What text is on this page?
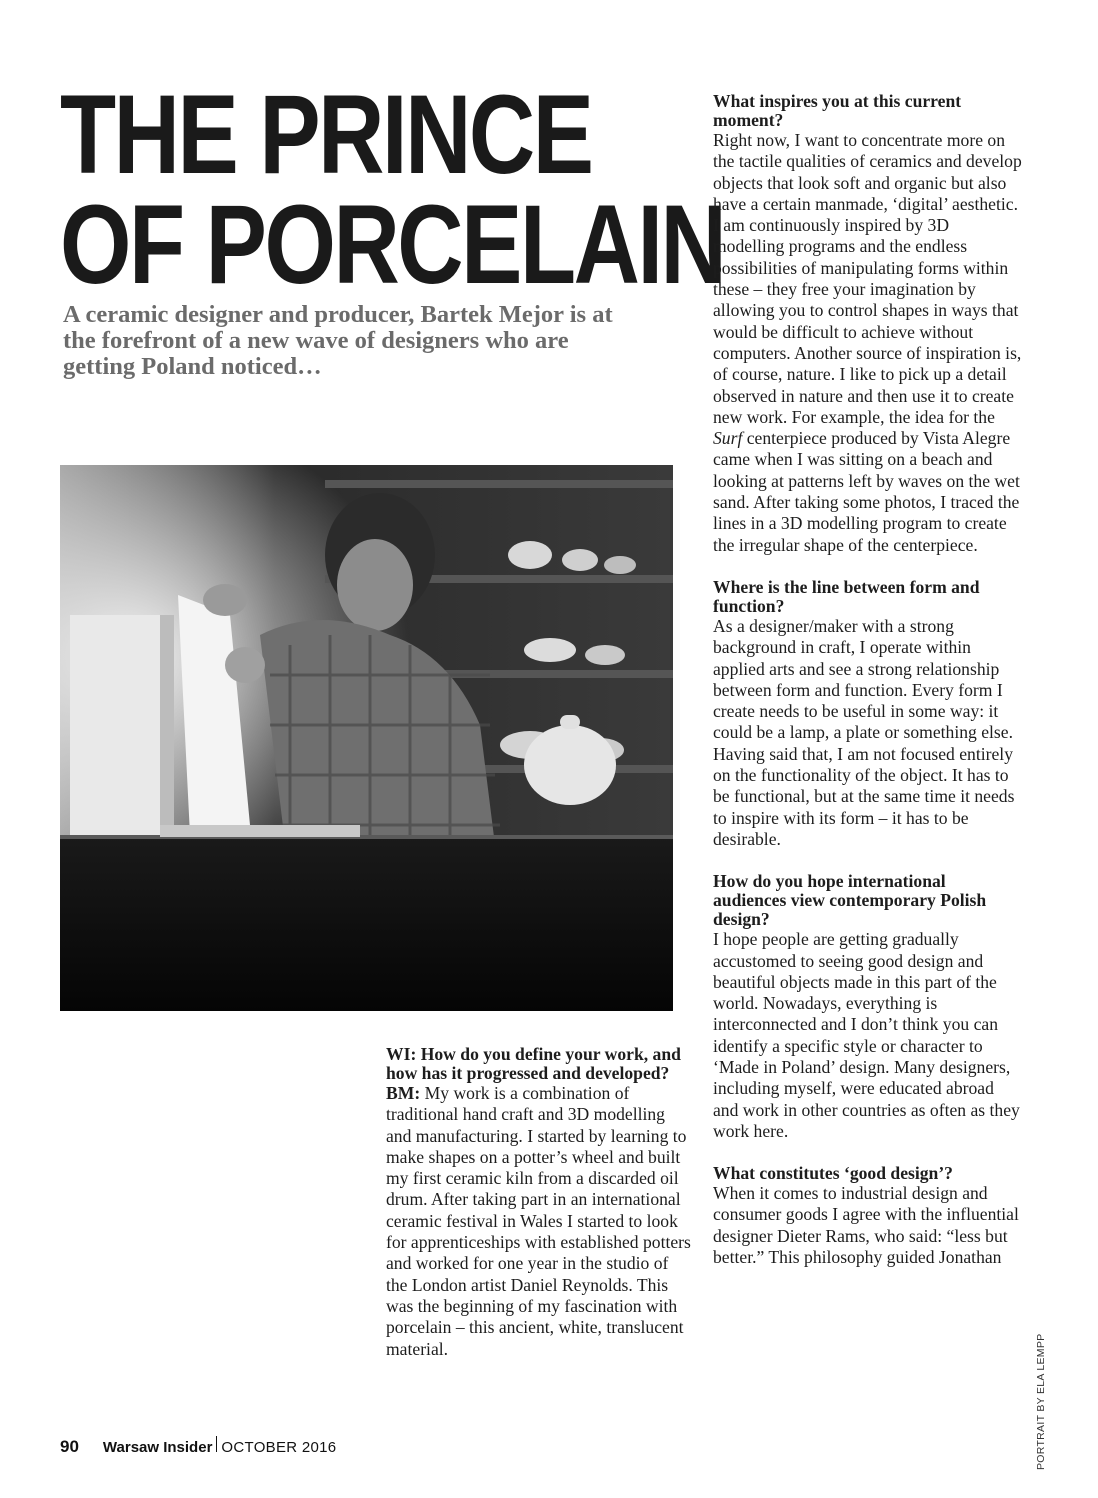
THE PRINCE
OF PORCELAIN

A ceramic designer and producer, Bartek Mejor is at the forefront of a new wave of designers who are getting Poland noticed…

WI: How do you define your work, and how has it progressed and developed?

BM: My work is a combination of traditional hand craft and 3D modelling and manufacturing. I started by learning to make shapes on a potter’s wheel and built my first ceramic kiln from a discarded oil drum. After taking part in an international ceramic festival in Wales I started to look for apprenticeships with established potters and worked for one year in the studio of the London artist Daniel Reynolds. This was the beginning of my fascination with porcelain – this ancient, white, translucent material.

What inspires you at this current moment?

Right now, I want to concentrate more on the tactile qualities of ceramics and develop objects that look soft and organic but also have a certain manmade, ‘digital’ aesthetic. I am continuously inspired by 3D modelling programs and the endless possibilities of manipulating forms within these – they free your imagination by allowing you to control shapes in ways that would be difficult to achieve without computers. Another source of inspiration is, of course, nature. I like to pick up a detail observed in nature and then use it to create new work. For example, the idea for the Surf centerpiece produced by Vista Alegre came when I was sitting on a beach and looking at patterns left by waves on the wet sand. After taking some photos, I traced the lines in a 3D modelling program to create the irregular shape of the centerpiece.

Where is the line between form and function?

As a designer/maker with a strong background in craft, I operate within applied arts and see a strong relationship between form and function. Every form I create needs to be useful in some way: it could be a lamp, a plate or something else. Having said that, I am not focused entirely on the functionality of the object. It has to be functional, but at the same time it needs to inspire with its form – it has to be desirable.

How do you hope international audiences view contemporary Polish design?

I hope people are getting gradually accustomed to seeing good design and beautiful objects made in this part of the world. Nowadays, everything is interconnected and I don’t think you can identify a specific style or character to ‘Made in Poland’ design. Many designers, including myself, were educated abroad and work in other countries as often as they work here.

What constitutes ‘good design’?

When it comes to industrial design and consumer goods I agree with the influential designer Dieter Rams, who said: “less but better.” This philosophy guided Jonathan

PORTRAIT BY ELA LEMPP
90 Warsaw Insider OCTOBER 2016
